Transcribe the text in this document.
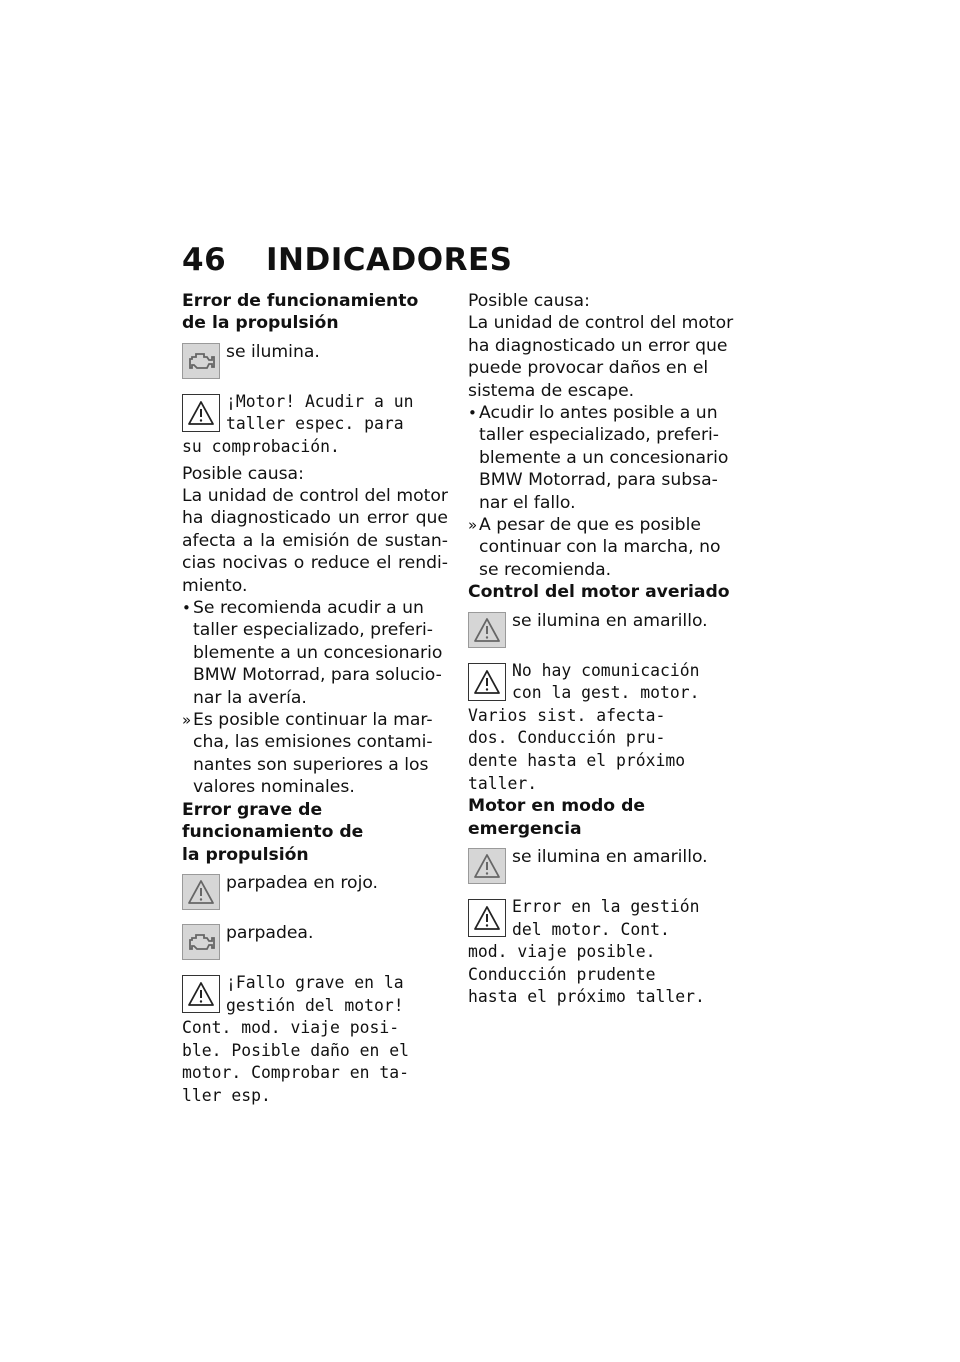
46 INDICADORES
Error de funcionamiento de la propulsión
se ilumina.
¡Motor! Acudir a un
taller espec. para
su comprobación.

Posible causa:

La unidad de control del motor ha diagnosticado un error que afecta a la emisión de sustan- cias nocivas o reduce el rendi- miento.

• Se recomienda acudir a un taller especializado, preferi- blemente a un concesionario BMW Motorrad, para solucio- nar la avería.
» Es posible continuar la mar- cha, las emisiones contami- nantes son superiores a los valores nominales.
Error grave de funcionamiento de la propulsión
parpadea en rojo.
parpadea.
¡Fallo grave en la
gestión del motor!
Cont. mod. viaje posi-
ble. Posible daño en el
motor. Comprobar en ta-
ller esp.

Posible causa:

La unidad de control del motor ha diagnosticado un error que puede provocar daños en el sistema de escape.

• Acudir lo antes posible a un taller especializado, preferi- blemente a un concesionario BMW Motorrad, para subsa- nar el fallo.
» A pesar de que es posible continuar con la marcha, no se recomienda.
Control del motor averiado
se ilumina en amarillo.
No hay comunicación
con la gest. motor.
Varios sist. afecta-
dos. Conducción pru-
dente hasta el próximo
taller.
Motor en modo de emergencia
se ilumina en amarillo.
Error en la gestión
del motor. Cont.
mod. viaje posible.
Conducción prudente
hasta el próximo taller.
